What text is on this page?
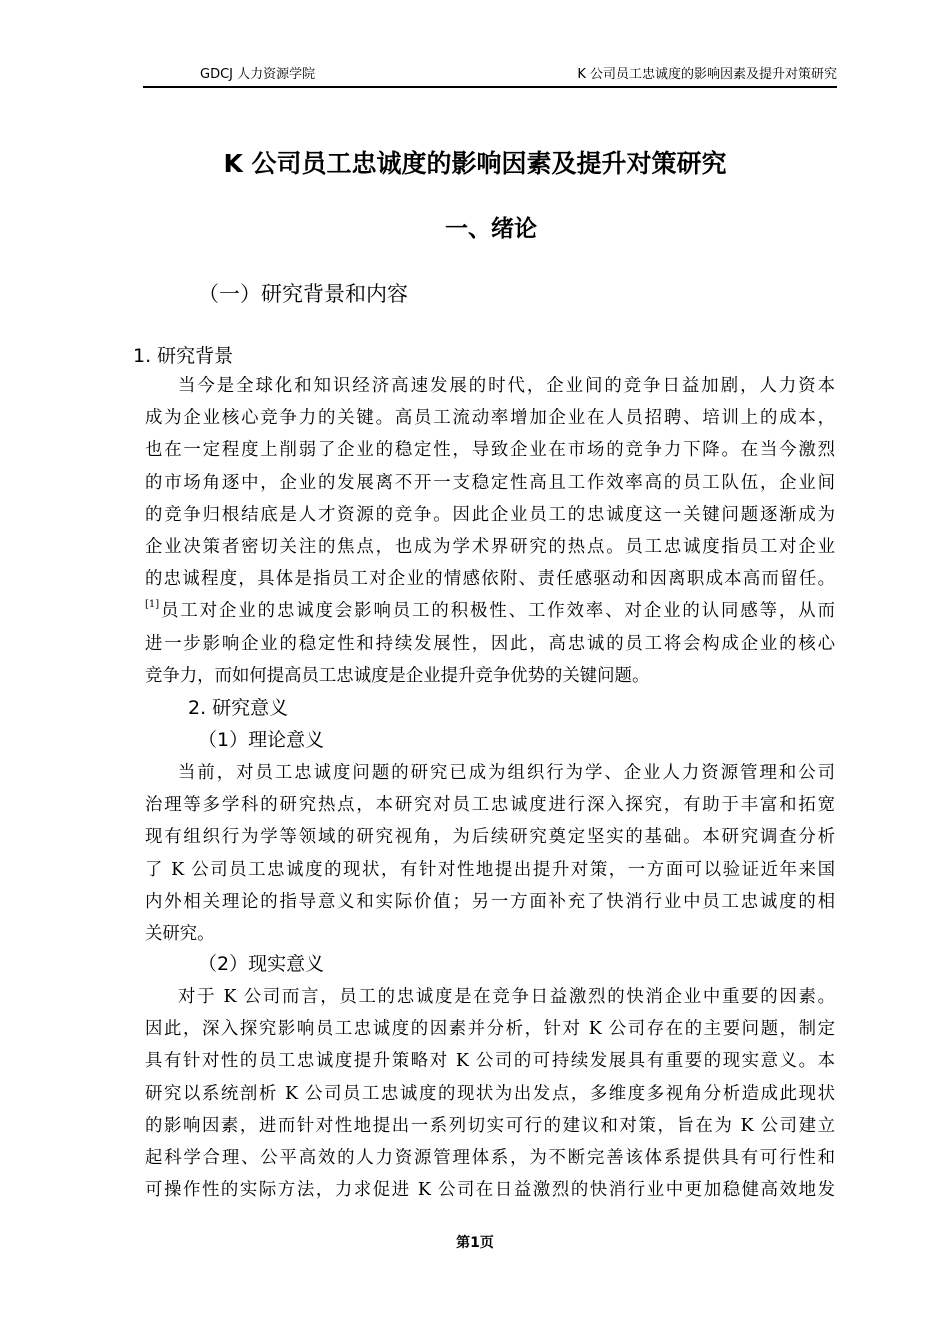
GDCJ 人力资源学院	K 公司员工忠诚度的影响因素及提升对策研究
K 公司员工忠诚度的影响因素及提升对策研究
一、绪论
（一）研究背景和内容
1. 研究背景
当今是全球化和知识经济高速发展的时代，企业间的竞争日益加剧，人力资本
成为企业核心竞争力的关键。高员工流动率增加企业在人员招聘、培训上的成本，
也在一定程度上削弱了企业的稳定性，导致企业在市场的竞争力下降。在当今激烈
的市场角逐中，企业的发展离不开一支稳定性高且工作效率高的员工队伍，企业间
的竞争归根结底是人才资源的竞争。因此企业员工的忠诚度这一关键问题逐渐成为
企业决策者密切关注的焦点，也成为学术界研究的热点。员工忠诚度指员工对企业
的忠诚程度，具体是指员工对企业的情感依附、责任感驱动和因离职成本高而留任。
[1]员工对企业的忠诚度会影响员工的积极性、工作效率、对企业的认同感等，从而
进一步影响企业的稳定性和持续发展性，因此，高忠诚的员工将会构成企业的核心
竞争力，而如何提高员工忠诚度是企业提升竞争优势的关键问题。
2. 研究意义
（1）理论意义
当前，对员工忠诚度问题的研究已成为组织行为学、企业人力资源管理和公司
治理等多学科的研究热点，本研究对员工忠诚度进行深入探究，有助于丰富和拓宽
现有组织行为学等领域的研究视角，为后续研究奠定坚实的基础。本研究调查分析
了 K 公司员工忠诚度的现状，有针对性地提出提升对策，一方面可以验证近年来国
内外相关理论的指导意义和实际价值；另一方面补充了快消行业中员工忠诚度的相
关研究。
（2）现实意义
对于 K 公司而言，员工的忠诚度是在竞争日益激烈的快消企业中重要的因素。
因此，深入探究影响员工忠诚度的因素并分析，针对 K 公司存在的主要问题，制定
具有针对性的员工忠诚度提升策略对 K 公司的可持续发展具有重要的现实意义。本
研究以系统剖析 K 公司员工忠诚度的现状为出发点，多维度多视角分析造成此现状
的影响因素，进而针对性地提出一系列切实可行的建议和对策，旨在为 K 公司建立
起科学合理、公平高效的人力资源管理体系，为不断完善该体系提供具有可行性和
可操作性的实际方法，力求促进 K 公司在日益激烈的快消行业中更加稳健高效地发
第1页
